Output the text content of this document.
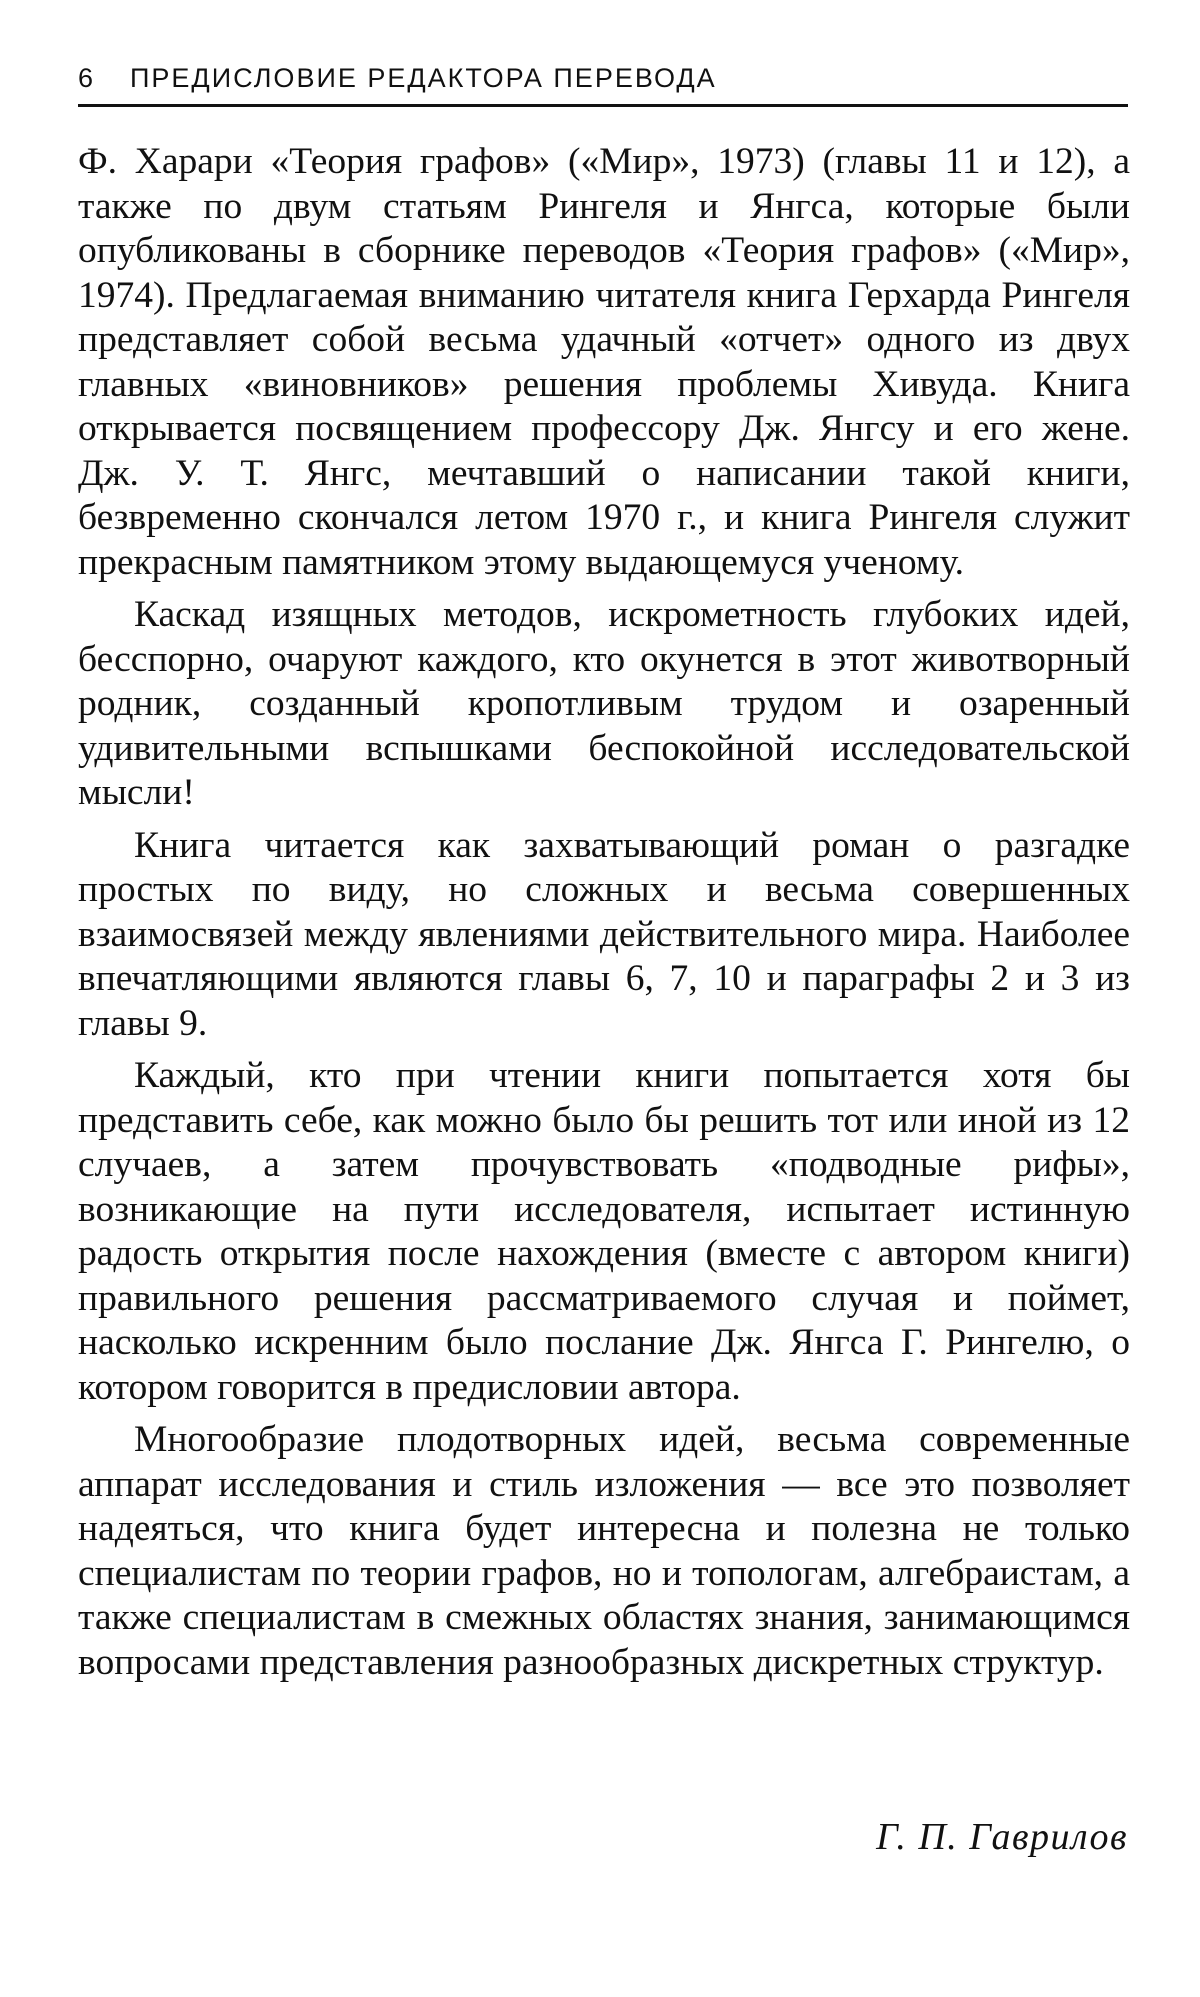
6 ПРЕДИСЛОВИЕ РЕДАКТОРА ПЕРЕВОДА

Ф. Харари «Теория графов» («Мир», 1973) (главы 11 и 12), а также по двум статьям Рингеля и Янгса, которые были опубликованы в сборнике переводов «Теория графов» («Мир», 1974). Предлагаемая вниманию читателя книга Герхарда Рингеля представляет собой весьма удачный «отчет» одного из двух главных «виновников» решения проблемы Хивуда. Книга открывается посвящением профессору Дж. Янгсу и его жене. Дж. У. Т. Янгс, мечтавший о написании такой книги, безвременно скончался летом 1970 г., и книга Рингеля служит прекрасным памятником этому выдающемуся ученому.

Каскад изящных методов, искрометность глубоких идей, бесспорно, очаруют каждого, кто окунется в этот животворный родник, созданный кропотливым трудом и озаренный удивительными вспышками беспокойной исследовательской мысли!

Книга читается как захватывающий роман о разгадке простых по виду, но сложных и весьма совершенных взаимосвязей между явлениями действительного мира. Наиболее впечатляющими являются главы 6, 7, 10 и параграфы 2 и 3 из главы 9.

Каждый, кто при чтении книги попытается хотя бы представить себе, как можно было бы решить тот или иной из 12 случаев, а затем прочувствовать «подводные рифы», возникающие на пути исследователя, испытает истинную радость открытия после нахождения (вместе с автором книги) правильного решения рассматриваемого случая и поймет, насколько искренним было послание Дж. Янгса Г. Рингелю, о котором говорится в предисловии автора.

Многообразие плодотворных идей, весьма современные аппарат исследования и стиль изложения — все это позволяет надеяться, что книга будет интересна и полезна не только специалистам по теории графов, но и топологам, алгебраистам, а также специалистам в смежных областях знания, занимающимся вопросами представления разнообразных дискретных структур.

Г. П. Гаврилов
